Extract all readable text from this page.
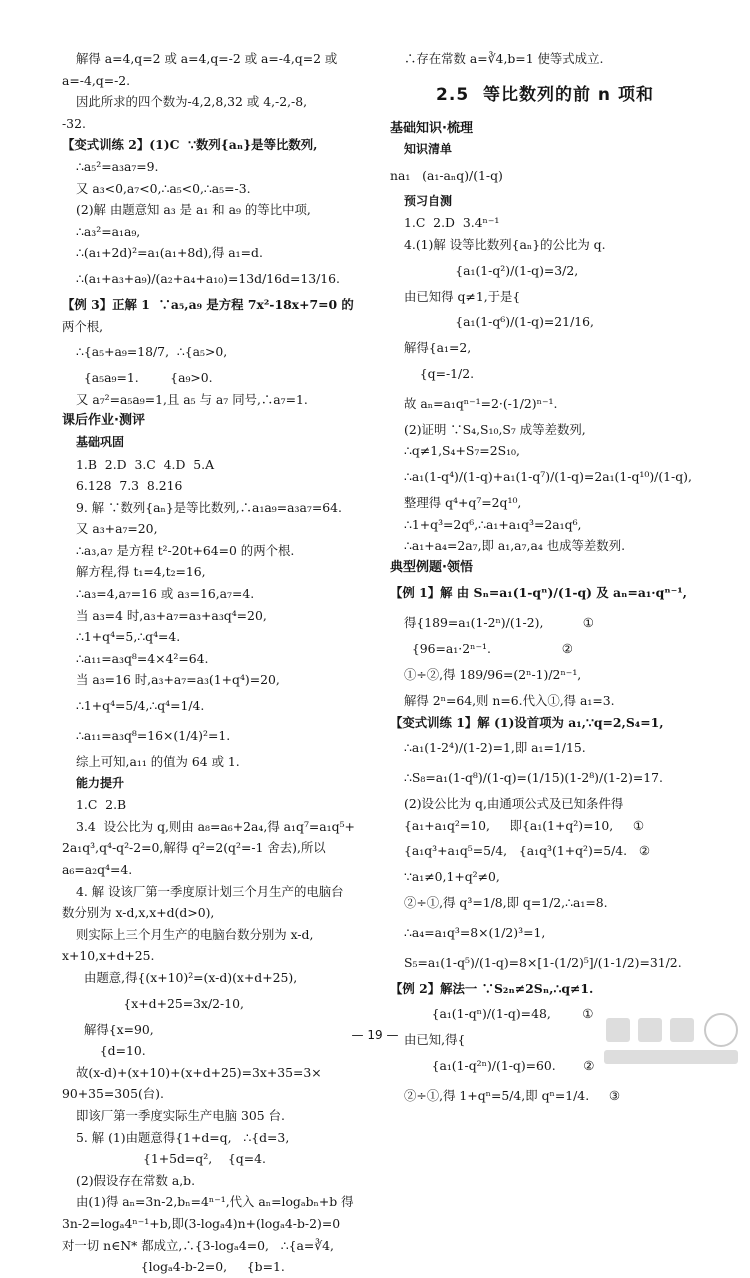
解得 a=4,q=2 或 a=4,q=-2 或 a=-4,q=2 或
a=-4,q=-2.
因此所求的四个数为-4,2,8,32 或 4,-2,-8,
-32.
【变式训练 2】(1)C  ∵数列{aₙ}是等比数列,
∴a₅²=a₃a₇=9.
又 a₃<0,a₇<0,∴a₅<0,∴a₅=-3.
(2)解 由题意知 a₃ 是 a₁ 和 a₉ 的等比中项,
∴a₃²=a₁a₉,
∴(a₁+2d)²=a₁(a₁+8d),得 a₁=d.
∴(a₁+a₃+a₉)/(a₂+a₄+a₁₀)=13d/16d=13/16.
【例 3】正解 1  ∵a₅,a₉ 是方程 7x²-18x+7=0 的
两个根,
∴{a₅+a₉=18/7,  ∴{a₅>0,
{a₅a₉=1.        {a₉>0.
又 a₇²=a₅a₉=1,且 a₅ 与 a₇ 同号,∴a₇=1.
课后作业·测评
基础巩固
1.B  2.D  3.C  4.D  5.A
6.128  7.3  8.216
9. 解 ∵数列{aₙ}是等比数列,∴a₁a₉=a₃a₇=64.
又 a₃+a₇=20,
∴a₃,a₇ 是方程 t²-20t+64=0 的两个根.
解方程,得 t₁=4,t₂=16,
∴a₃=4,a₇=16 或 a₃=16,a₇=4.
当 a₃=4 时,a₃+a₇=a₃+a₃q⁴=20,
∴1+q⁴=5,∴q⁴=4.
∴a₁₁=a₃q⁸=4×4²=64.
当 a₃=16 时,a₃+a₇=a₃(1+q⁴)=20,
∴1+q⁴=5/4,∴q⁴=1/4.
∴a₁₁=a₃q⁸=16×(1/4)²=1.
综上可知,a₁₁ 的值为 64 或 1.
能力提升
1.C  2.B
3.4  设公比为 q,则由 a₈=a₆+2a₄,得 a₁q⁷=a₁q⁵+
2a₁q³,q⁴-q²-2=0,解得 q²=2(q²=-1 舍去),所以
a₆=a₂q⁴=4.
4. 解 设该厂第一季度原计划三个月生产的电脑台
数分别为 x-d,x,x+d(d>0),
则实际上三个月生产的电脑台数分别为 x-d,
x+10,x+d+25.
由题意,得{(x+10)²=(x-d)(x+d+25),
{x+d+25=3x/2-10,
解得{x=90,
{d=10.
故(x-d)+(x+10)+(x+d+25)=3x+35=3×
90+35=305(台).
即该厂第一季度实际生产电脑 305 台.
5. 解 (1)由题意得{1+d=q,   ∴{d=3,
{1+5d=q²,    {q=4.
(2)假设存在常数 a,b.
由(1)得 aₙ=3n-2,bₙ=4ⁿ⁻¹,代入 aₙ=logₐbₙ+b 得
3n-2=logₐ4ⁿ⁻¹+b,即(3-logₐ4)n+(logₐ4-b-2)=0
对一切 n∈N* 都成立,∴{3-logₐ4=0,   ∴{a=∛4,
{logₐ4-b-2=0,     {b=1.
∴存在常数 a=∛4,b=1 使等式成立.
2.5  等比数列的前 n 项和
基础知识·梳理
知识清单
na₁   (a₁-aₙq)/(1-q)
预习自测
1.C  2.D  3.4ⁿ⁻¹
4.(1)解 设等比数列{aₙ}的公比为 q.
{a₁(1-q²)/(1-q)=3/2,
由已知得 q≠1,于是{
{a₁(1-q⁶)/(1-q)=21/16,
解得{a₁=2,
{q=-1/2.
故 aₙ=a₁qⁿ⁻¹=2·(-1/2)ⁿ⁻¹.
(2)证明 ∵S₄,S₁₀,S₇ 成等差数列,
∴q≠1,S₄+S₇=2S₁₀,
∴a₁(1-q⁴)/(1-q)+a₁(1-q⁷)/(1-q)=2a₁(1-q¹⁰)/(1-q),
整理得 q⁴+q⁷=2q¹⁰,
∴1+q³=2q⁶,∴a₁+a₁q³=2a₁q⁶,
∴a₁+a₄=2a₇,即 a₁,a₇,a₄ 也成等差数列.
典型例题·领悟
【例 1】解 由 Sₙ=a₁(1-qⁿ)/(1-q) 及 aₙ=a₁·qⁿ⁻¹,
得{189=a₁(1-2ⁿ)/(1-2),          ①
{96=a₁·2ⁿ⁻¹.                  ②
①÷②,得 189/96=(2ⁿ-1)/2ⁿ⁻¹,
解得 2ⁿ=64,则 n=6.代入①,得 a₁=3.
【变式训练 1】解 (1)设首项为 a₁,∵q=2,S₄=1,
∴a₁(1-2⁴)/(1-2)=1,即 a₁=1/15.
∴S₈=a₁(1-q⁸)/(1-q)=(1/15)(1-2⁸)/(1-2)=17.
(2)设公比为 q,由通项公式及已知条件得
{a₁+a₁q²=10,     即{a₁(1+q²)=10,     ①
{a₁q³+a₁q⁵=5/4,   {a₁q³(1+q²)=5/4.   ②
∵a₁≠0,1+q²≠0,
②÷①,得 q³=1/8,即 q=1/2,∴a₁=8.
∴a₄=a₁q³=8×(1/2)³=1,
S₅=a₁(1-q⁵)/(1-q)=8×[1-(1/2)⁵]/(1-1/2)=31/2.
【例 2】解法一 ∵S₂ₙ≠2Sₙ,∴q≠1.
{a₁(1-qⁿ)/(1-q)=48,        ①
由已知,得{
{a₁(1-q²ⁿ)/(1-q)=60.       ②
②÷①,得 1+qⁿ=5/4,即 qⁿ=1/4.     ③
— 19 —
